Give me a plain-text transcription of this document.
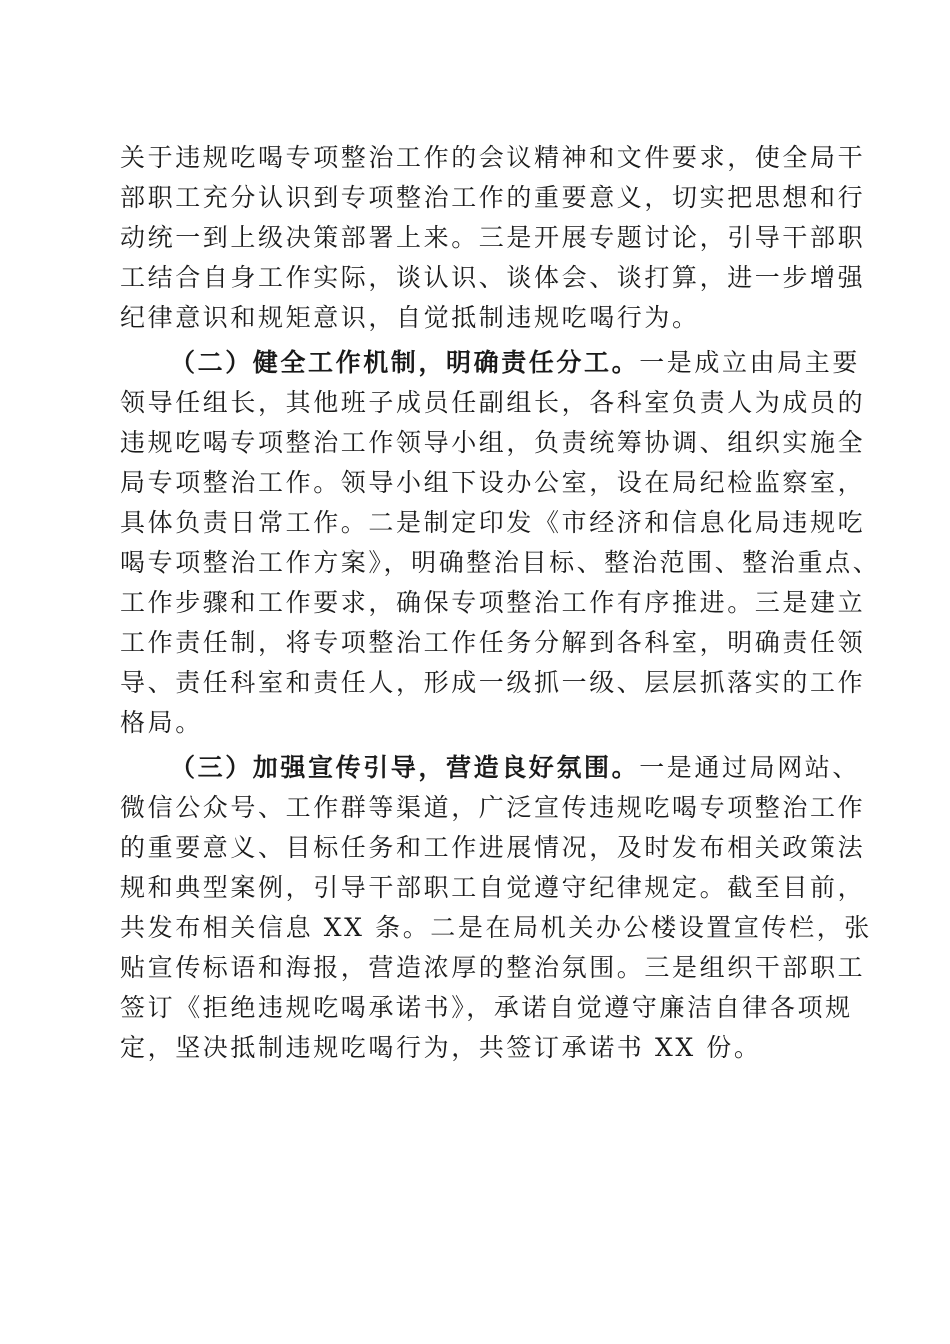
关于违规吃喝专项整治工作的会议精神和文件要求，使全局干
部职工充分认识到专项整治工作的重要意义，切实把思想和行
动统一到上级决策部署上来。三是开展专题讨论，引导干部职
工结合自身工作实际，谈认识、谈体会、谈打算，进一步增强
纪律意识和规矩意识，自觉抵制违规吃喝行为。
（二）健全工作机制，明确责任分工。一是成立由局主要
领导任组长，其他班子成员任副组长，各科室负责人为成员的
违规吃喝专项整治工作领导小组，负责统筹协调、组织实施全
局专项整治工作。领导小组下设办公室，设在局纪检监察室，
具体负责日常工作。二是制定印发《市经济和信息化局违规吃
喝专项整治工作方案》，明确整治目标、整治范围、整治重点、
工作步骤和工作要求，确保专项整治工作有序推进。三是建立
工作责任制，将专项整治工作任务分解到各科室，明确责任领
导、责任科室和责任人，形成一级抓一级、层层抓落实的工作
格局。
（三）加强宣传引导，营造良好氛围。一是通过局网站、
微信公众号、工作群等渠道，广泛宣传违规吃喝专项整治工作
的重要意义、目标任务和工作进展情况，及时发布相关政策法
规和典型案例，引导干部职工自觉遵守纪律规定。截至目前，
共发布相关信息 XX 条。二是在局机关办公楼设置宣传栏，张
贴宣传标语和海报，营造浓厚的整治氛围。三是组织干部职工
签订《拒绝违规吃喝承诺书》，承诺自觉遵守廉洁自律各项规
定，坚决抵制违规吃喝行为，共签订承诺书 XX 份。
